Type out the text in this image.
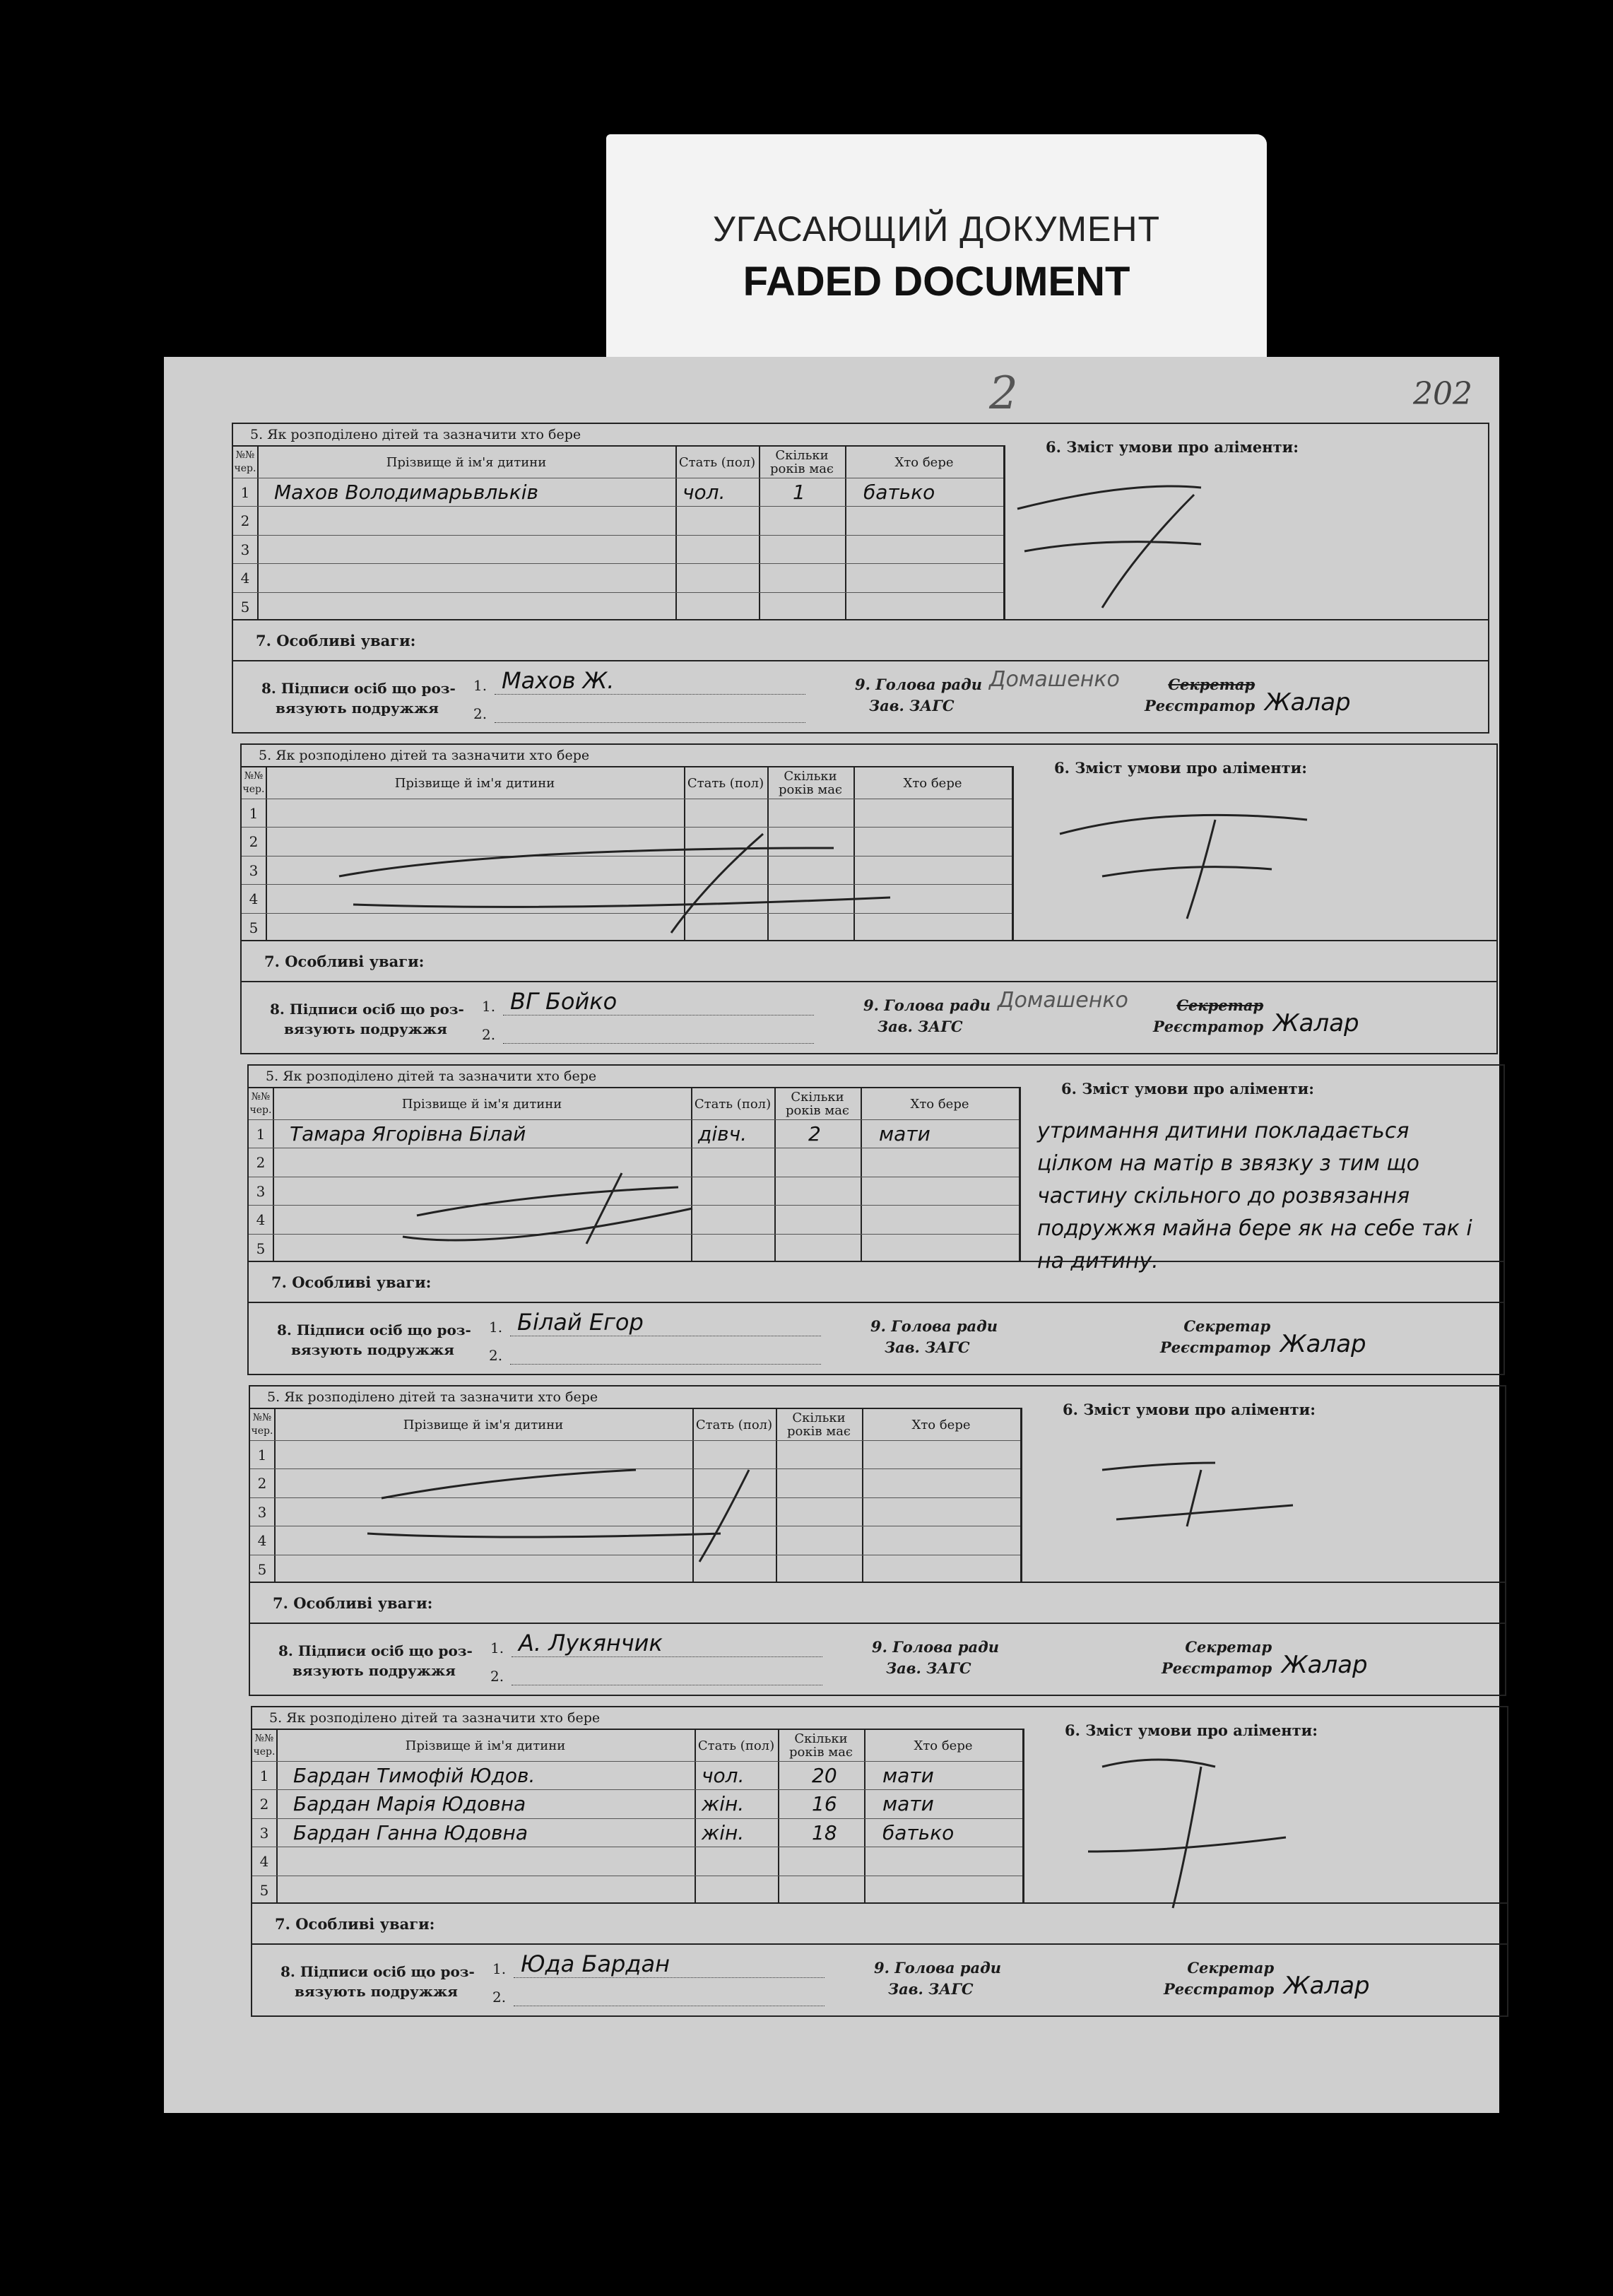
УГАСАЮЩИЙ ДОКУМЕНТ
FADED DOCUMENT
2	202
5. Як розподілено дітей та зазначити хто бере
№№ чер.	Прізвище й ім'я дитини	Стать (пол)	Скільки років має	Хто бере
1	Махов Володимарьвльків	чол.	1	батько
2
3
4
5
6. Зміст умови про аліменти:
7. Особливі уваги:
8. Підписи осіб що роз-
вязують подружжя
1.
2.
Махов Ж.	9. Голова ради
Зав. ЗАГС
Домашенко	Секретар
Реєстратор Жалар
5. Як розподілено дітей та зазначити хто бере
№№ чер.	Прізвище й ім'я дитини	Стать (пол)	Скільки років має	Хто бере
1
2
3
4
5
6. Зміст умови про аліменти:
7. Особливі уваги:
8. Підписи осіб що роз-
вязують подружжя
1.
2.
ВГ Бойко	9. Голова ради
Зав. ЗАГС
Домашенко	Секретар
Реєстратор Жалар
5. Як розподілено дітей та зазначити хто бере
№№ чер.	Прізвище й ім'я дитини	Стать (пол)	Скільки років має	Хто бере
1	Тамара Ягорівна Білай	дівч.	2	мати
2
3
4
5
6. Зміст умови про аліменти:
утримання дитини покладається цілком на матір в звязку з тим що частину скільного до розвязання подружжя майна бере як на себе так і на дитину.
7. Особливі уваги:
8. Підписи осіб що роз-
вязують подружжя
1.
2.
Білай Егор	9. Голова ради
Зав. ЗАГС
Секретар
Реєстратор Жалар
5. Як розподілено дітей та зазначити хто бере
№№ чер.	Прізвище й ім'я дитини	Стать (пол)	Скільки років має	Хто бере
1
2
3
4
5
6. Зміст умови про аліменти:
7. Особливі уваги:
8. Підписи осіб що роз-
вязують подружжя
1.
2.
А. Лукянчик	9. Голова ради
Зав. ЗАГС
Секретар
Реєстратор Жалар
5. Як розподілено дітей та зазначити хто бере
№№ чер.	Прізвище й ім'я дитини	Стать (пол)	Скільки років має	Хто бере
1	Бардан Тимофій Юдов.	чол.	20 мати
2	Бардан Марія Юдовна	жін.	16 мати
3	Бардан Ганна Юдовна	жін.	18 батько
4
5
6. Зміст умови про аліменти:
7. Особливі уваги:
8. Підписи осіб що роз-
вязують подружжя
1.
2.
Юда Бардан	9. Голова ради
Зав. ЗАГС
Секретар
Реєстратор Жалар
